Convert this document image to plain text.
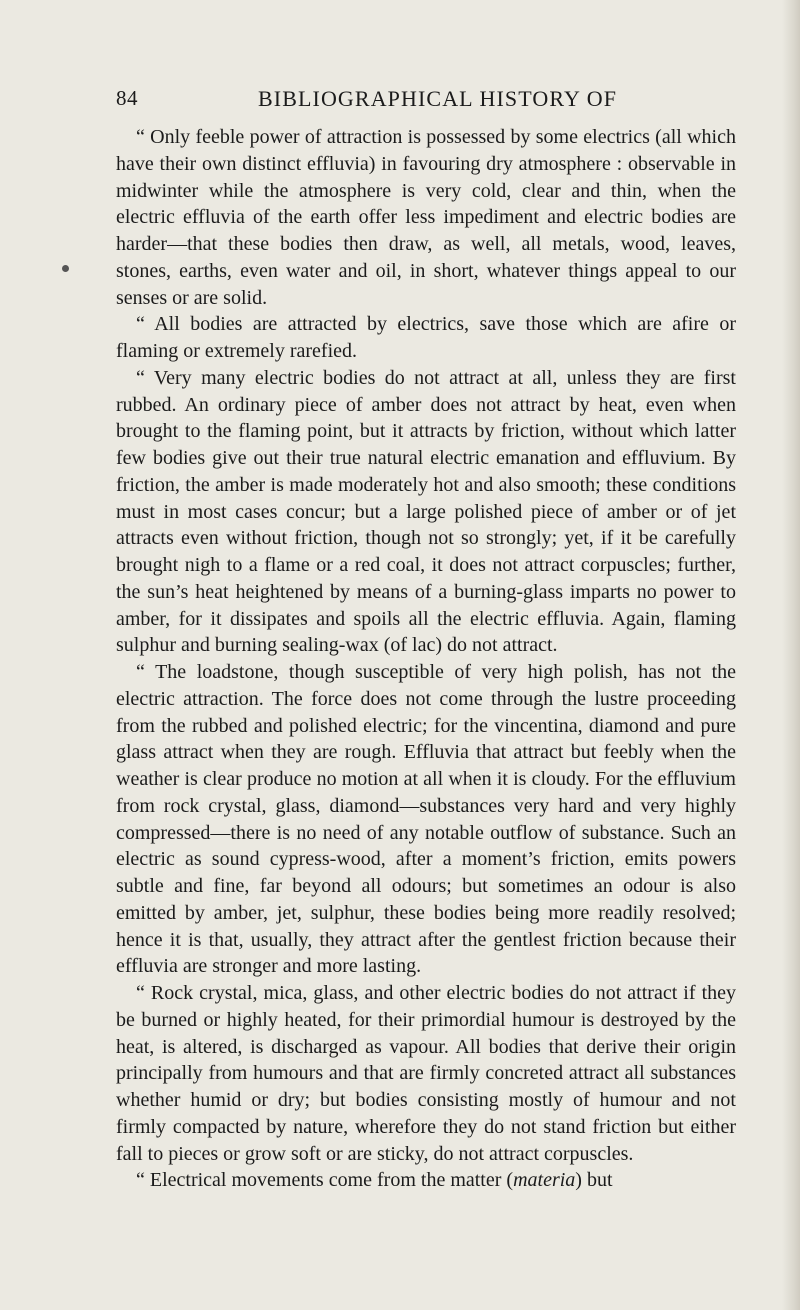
84	BIBLIOGRAPHICAL HISTORY OF

“ Only feeble power of attraction is possessed by some electrics (all which have their own distinct effluvia) in favouring dry atmosphere : observable in midwinter while the atmosphere is very cold, clear and thin, when the electric effluvia of the earth offer less impediment and electric bodies are harder—that these bodies then draw, as well, all metals, wood, leaves, stones, earths, even water and oil, in short, whatever things appeal to our senses or are solid.

“ All bodies are attracted by electrics, save those which are afire or flaming or extremely rarefied.

“ Very many electric bodies do not attract at all, unless they are first rubbed. An ordinary piece of amber does not attract by heat, even when brought to the flaming point, but it attracts by friction, without which latter few bodies give out their true natural electric emanation and effluvium. By friction, the amber is made moderately hot and also smooth; these conditions must in most cases concur; but a large polished piece of amber or of jet attracts even without friction, though not so strongly; yet, if it be carefully brought nigh to a flame or a red coal, it does not attract corpuscles; further, the sun’s heat heightened by means of a burning-glass imparts no power to amber, for it dissipates and spoils all the electric effluvia. Again, flaming sulphur and burning sealing-wax (of lac) do not attract.

“ The loadstone, though susceptible of very high polish, has not the electric attraction. The force does not come through the lustre proceeding from the rubbed and polished electric; for the vincentina, diamond and pure glass attract when they are rough. Effluvia that attract but feebly when the weather is clear produce no motion at all when it is cloudy. For the effluvium from rock crystal, glass, diamond—substances very hard and very highly compressed—there is no need of any notable outflow of substance. Such an electric as sound cypress-wood, after a moment’s friction, emits powers subtle and fine, far beyond all odours; but sometimes an odour is also emitted by amber, jet, sulphur, these bodies being more readily resolved; hence it is that, usually, they attract after the gentlest friction because their effluvia are stronger and more lasting.

“ Rock crystal, mica, glass, and other electric bodies do not attract if they be burned or highly heated, for their primordial humour is destroyed by the heat, is altered, is discharged as vapour. All bodies that derive their origin principally from humours and that are firmly concreted attract all substances whether humid or dry; but bodies consisting mostly of humour and not firmly compacted by nature, wherefore they do not stand friction but either fall to pieces or grow soft or are sticky, do not attract corpuscles.

“ Electrical movements come from the matter (materia) but
